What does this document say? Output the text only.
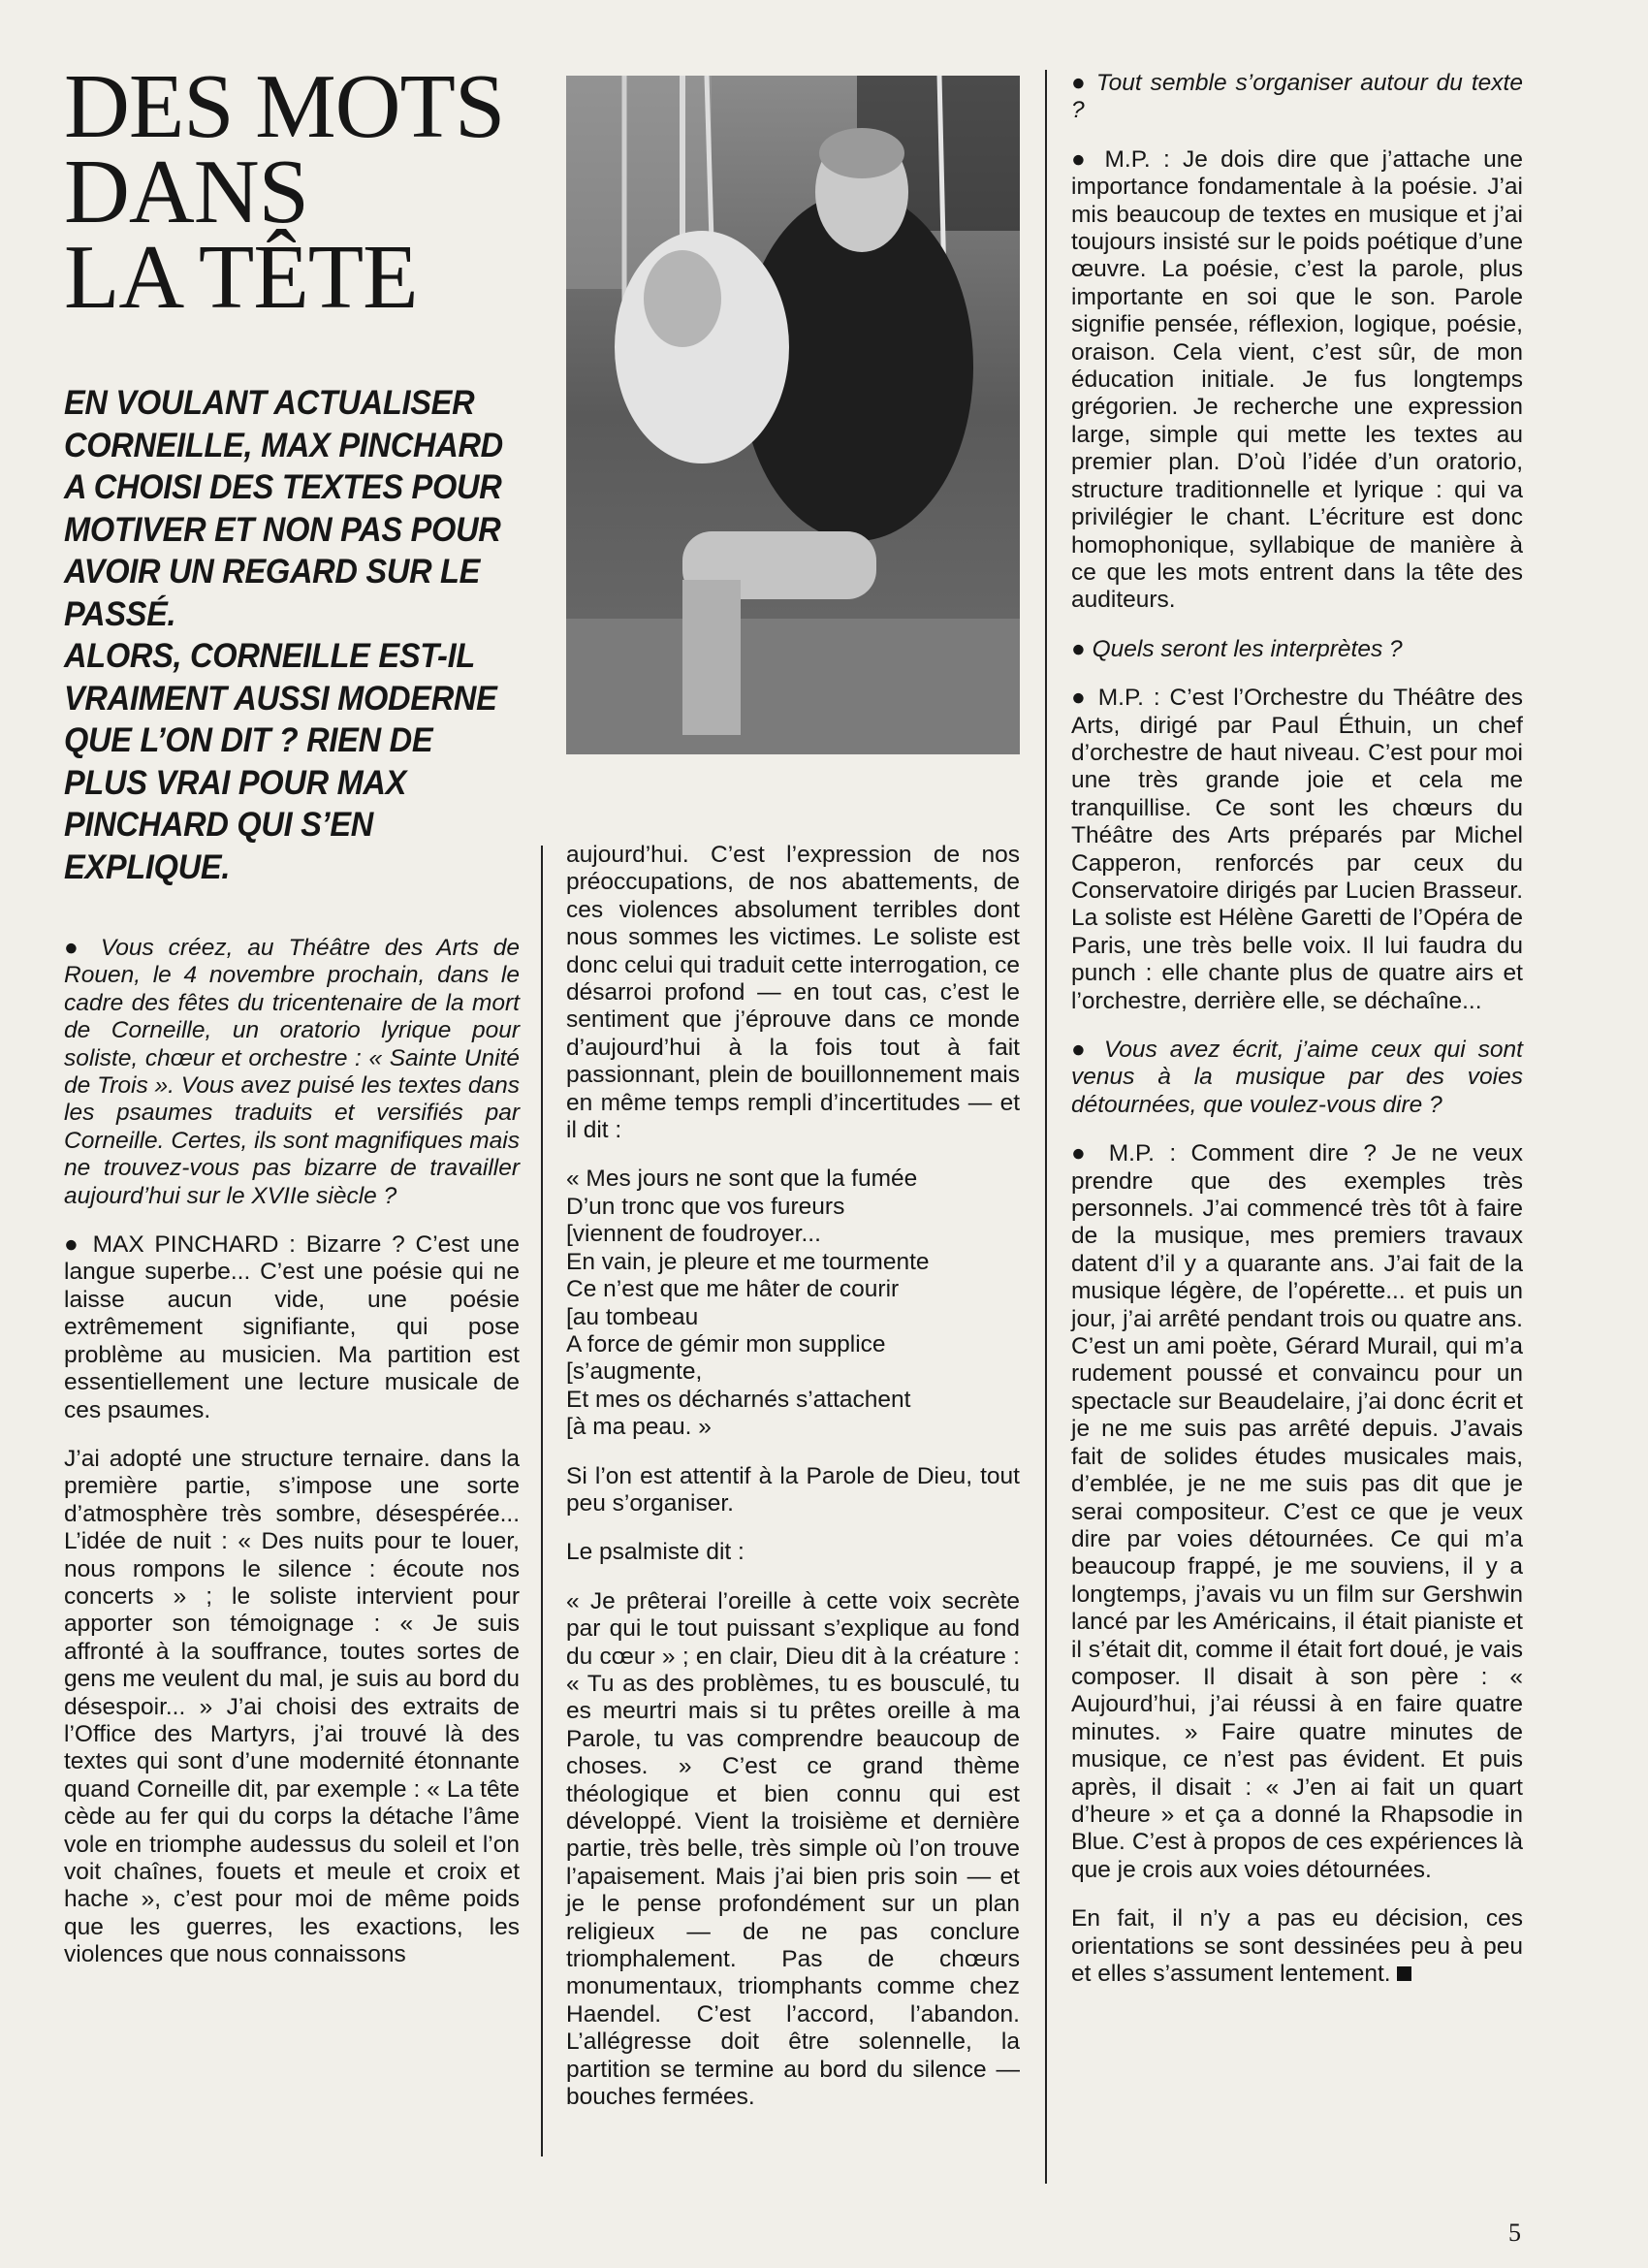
DES MOTS
DANS
LA TÊTE

EN VOULANT ACTUALISER CORNEILLE, MAX PINCHARD A CHOISI DES TEXTES POUR MOTIVER ET NON PAS POUR AVOIR UN REGARD SUR LE PASSÉ.

ALORS, CORNEILLE EST-IL VRAIMENT AUSSI MODERNE QUE L’ON DIT ? RIEN DE PLUS VRAI POUR MAX PINCHARD QUI S’EN EXPLIQUE.

● Vous créez, au Théâtre des Arts de Rouen, le 4 novembre prochain, dans le cadre des fêtes du tricentenaire de la mort de Corneille, un oratorio lyrique pour soliste, chœur et orchestre : « Sainte Unité de Trois ». Vous avez puisé les textes dans les psaumes traduits et versifiés par Corneille. Certes, ils sont magnifiques mais ne trouvez-vous pas bizarre de travailler aujourd’hui sur le XVIIe siècle ?

● MAX PINCHARD : Bizarre ? C’est une langue superbe... C’est une poésie qui ne laisse aucun vide, une poésie extrêmement signifiante, qui pose problème au musicien. Ma partition est essentiellement une lecture musicale de ces psaumes.

J’ai adopté une structure ternaire. dans la première partie, s’impose une sorte d’atmosphère très sombre, désespérée... L’idée de nuit : « Des nuits pour te louer, nous rompons le silence : écoute nos concerts » ; le soliste intervient pour apporter son témoignage : « Je suis affronté à la souffrance, toutes sortes de gens me veulent du mal, je suis au bord du désespoir... » J’ai choisi des extraits de l’Office des Martyrs, j’ai trouvé là des textes qui sont d’une modernité étonnante quand Corneille dit, par exemple : « La tête cède au fer qui du corps la détache l’âme vole en triomphe audessus du soleil et l’on voit chaînes, fouets et meule et croix et hache », c’est pour moi de même poids que les guerres, les exactions, les violences que nous connaissons

aujourd’hui. C’est l’expression de nos préoccupations, de nos abattements, de ces violences absolument terribles dont nous sommes les victimes. Le soliste est donc celui qui traduit cette interrogation, ce désarroi profond — en tout cas, c’est le sentiment que j’éprouve dans ce monde d’aujourd’hui à la fois tout à fait passionnant, plein de bouillonnement mais en même temps rempli d’incertitudes — et il dit :

« Mes jours ne sont que la fumée

D’un tronc que vos fureurs

[viennent de foudroyer...

En vain, je pleure et me tourmente

Ce n’est que me hâter de courir

[au tombeau

A force de gémir mon supplice

[s’augmente,

Et mes os décharnés s’attachent

[à ma peau. »

Si l’on est attentif à la Parole de Dieu, tout peu s’organiser.

Le psalmiste dit :

« Je prêterai l’oreille à cette voix secrète par qui le tout puissant s’explique au fond du cœur » ; en clair, Dieu dit à la créature : « Tu as des problèmes, tu es bousculé, tu es meurtri mais si tu prêtes oreille à ma Parole, tu vas comprendre beaucoup de choses. » C’est ce grand thème théologique et bien connu qui est développé. Vient la troisième et dernière partie, très belle, très simple où l’on trouve l’apaisement. Mais j’ai bien pris soin — et je le pense profondément sur un plan religieux — de ne pas conclure triomphalement. Pas de chœurs monumentaux, triomphants comme chez Haendel. C’est l’accord, l’abandon. L’allégresse doit être solennelle, la partition se termine au bord du silence — bouches fermées.

● Tout semble s’organiser autour du texte ?

● M.P. : Je dois dire que j’attache une importance fondamentale à la poésie. J’ai mis beaucoup de textes en musique et j’ai toujours insisté sur le poids poétique d’une œuvre. La poésie, c’est la parole, plus importante en soi que le son. Parole signifie pensée, réflexion, logique, poésie, oraison. Cela vient, c’est sûr, de mon éducation initiale. Je fus longtemps grégorien. Je recherche une expression large, simple qui mette les textes au premier plan. D’où l’idée d’un oratorio, structure traditionnelle et lyrique : qui va privilégier le chant. L’écriture est donc homophonique, syllabique de manière à ce que les mots entrent dans la tête des auditeurs.

● Quels seront les interprètes ?

● M.P. : C’est l’Orchestre du Théâtre des Arts, dirigé par Paul Éthuin, un chef d’orchestre de haut niveau. C’est pour moi une très grande joie et cela me tranquillise. Ce sont les chœurs du Théâtre des Arts préparés par Michel Capperon, renforcés par ceux du Conservatoire dirigés par Lucien Brasseur. La soliste est Hélène Garetti de l’Opéra de Paris, une très belle voix. Il lui faudra du punch : elle chante plus de quatre airs et l’orchestre, derrière elle, se déchaîne...

● Vous avez écrit, j’aime ceux qui sont venus à la musique par des voies détournées, que voulez-vous dire ?

● M.P. : Comment dire ? Je ne veux prendre que des exemples très personnels. J’ai commencé très tôt à faire de la musique, mes premiers travaux datent d’il y a quarante ans. J’ai fait de la musique légère, de l’opérette... et puis un jour, j’ai arrêté pendant trois ou quatre ans. C’est un ami poète, Gérard Murail, qui m’a rudement poussé et convaincu pour un spectacle sur Beaudelaire, j’ai donc écrit et je ne me suis pas arrêté depuis. J’avais fait de solides études musicales mais, d’emblée, je ne me suis pas dit que je serai compositeur. C’est ce que je veux dire par voies détournées. Ce qui m’a beaucoup frappé, je me souviens, il y a longtemps, j’avais vu un film sur Gershwin lancé par les Américains, il était pianiste et il s’était dit, comme il était fort doué, je vais composer. Il disait à son père : « Aujourd’hui, j’ai réussi à en faire quatre minutes. » Faire quatre minutes de musique, ce n’est pas évident. Et puis après, il disait : « J’en ai fait un quart d’heure » et ça a donné la Rhapsodie in Blue. C’est à propos de ces expériences là que je crois aux voies détournées.

En fait, il n’y a pas eu décision, ces orientations se sont dessinées peu à peu et elles s’assument lentement.

5
